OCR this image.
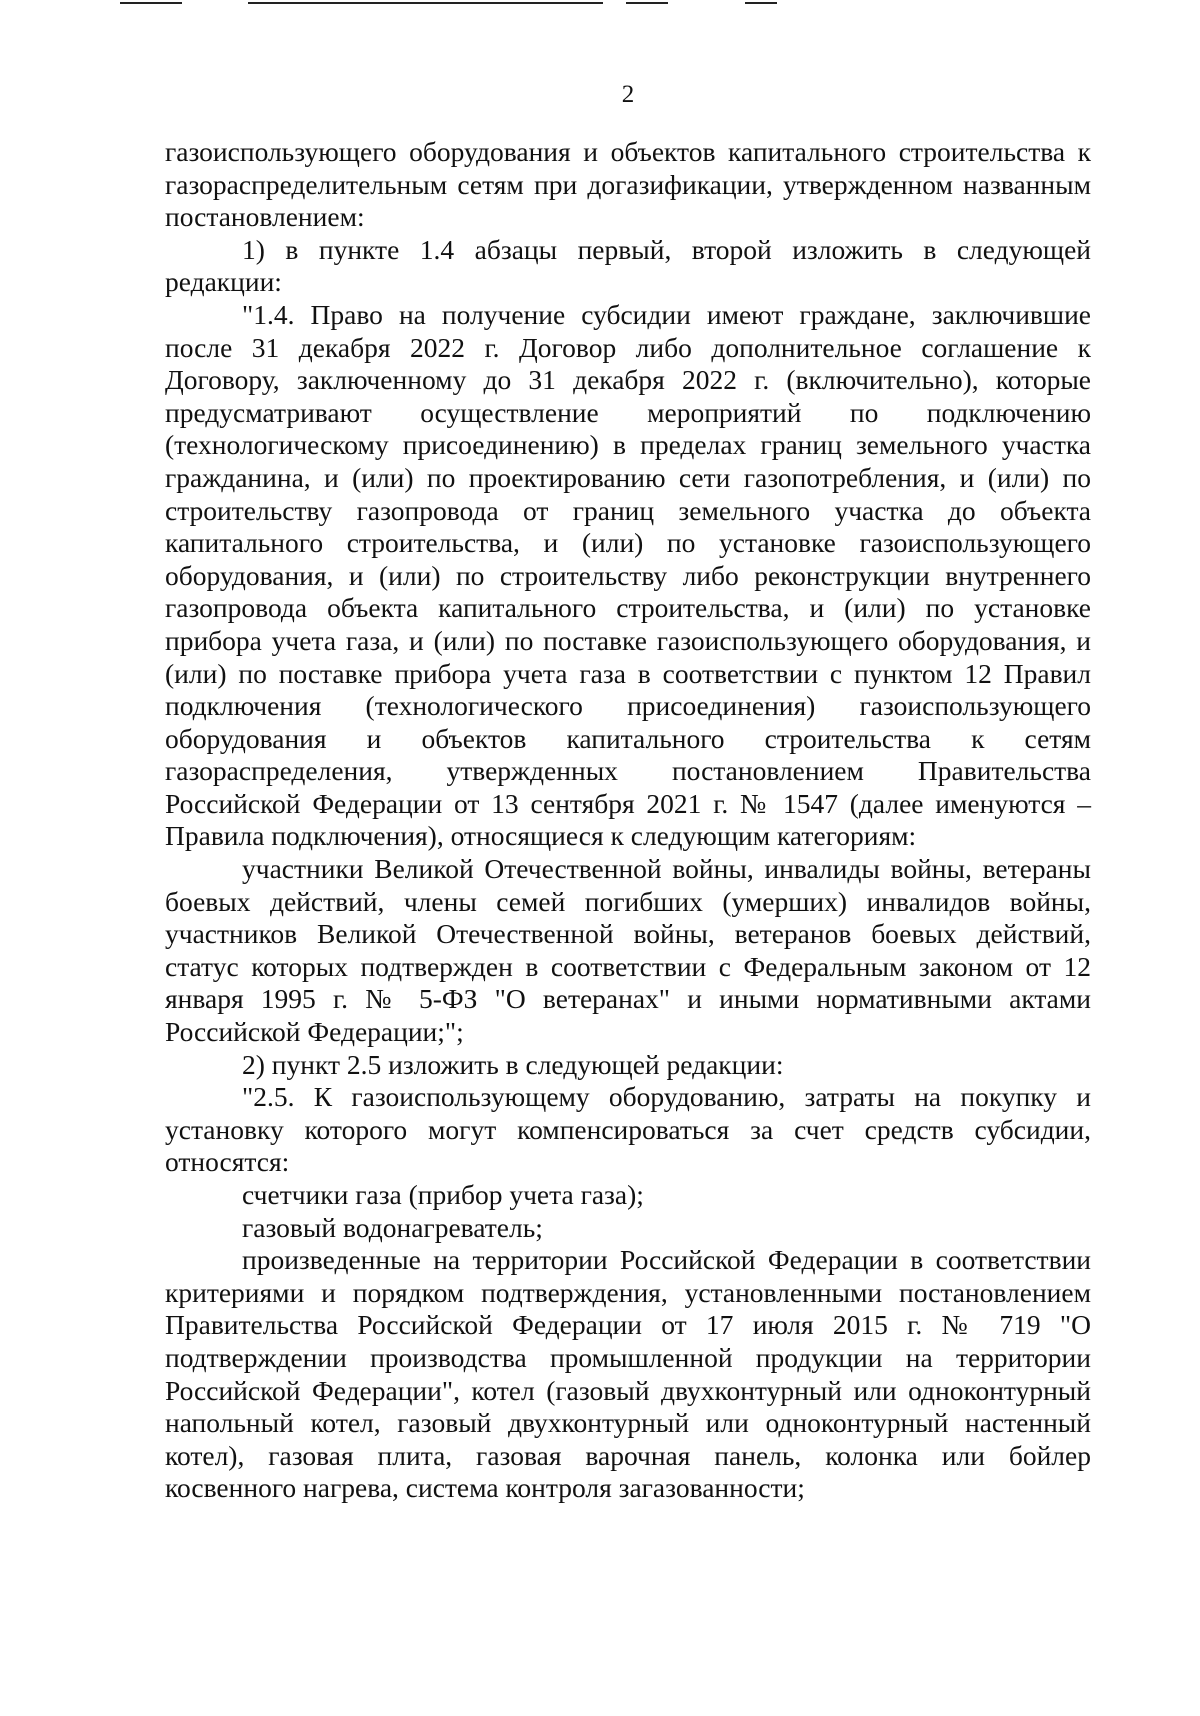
2

газоиспользующего оборудования и объектов капитального строительства к газораспределительным сетям при догазификации, утвержденном названным постановлением:

1) в пункте 1.4 абзацы первый, второй изложить в следующей редакции:

"1.4. Право на получение субсидии имеют граждане, заключившие после 31 декабря 2022 г. Договор либо дополнительное соглашение к Договору, заключенному до 31 декабря 2022 г. (включительно), которые предусматривают осуществление мероприятий по подключению (технологическому присоединению) в пределах границ земельного участка гражданина, и (или) по проектированию сети газопотребления, и (или) по строительству газопровода от границ земельного участка до объекта капитального строительства, и (или) по установке газоиспользующего оборудования, и (или) по строительству либо реконструкции внутреннего газопровода объекта капитального строительства, и (или) по установке прибора учета газа, и (или) по поставке газоиспользующего оборудования, и (или) по поставке прибора учета газа в соответствии с пунктом 12 Правил подключения (технологического присоединения) газоиспользующего оборудования и объектов капитального строительства к сетям газораспределения, утвержденных постановлением Правительства Российской Федерации от 13 сентября 2021 г. № 1547 (далее именуются – Правила подключения), относящиеся к следующим категориям:

участники Великой Отечественной войны, инвалиды войны, ветераны боевых действий, члены семей погибших (умерших) инвалидов войны, участников Великой Отечественной войны, ветеранов боевых действий, статус которых подтвержден в соответствии с Федеральным законом от 12 января 1995 г. № 5-ФЗ "О ветеранах" и иными нормативными актами Российской Федерации;";

2) пункт 2.5 изложить в следующей редакции:

"2.5. К газоиспользующему оборудованию, затраты на покупку и установку которого могут компенсироваться за счет средств субсидии, относятся:

счетчики газа (прибор учета газа);

газовый водонагреватель;

произведенные на территории Российской Федерации в соответствии критериями и порядком подтверждения, установленными постановлением Правительства Российской Федерации от 17 июля 2015 г. № 719 "О подтверждении производства промышленной продукции на территории Российской Федерации", котел (газовый двухконтурный или одноконтурный напольный котел, газовый двухконтурный или одноконтурный настенный котел), газовая плита, газовая варочная панель, колонка или бойлер косвенного нагрева, система контроля загазованности;
